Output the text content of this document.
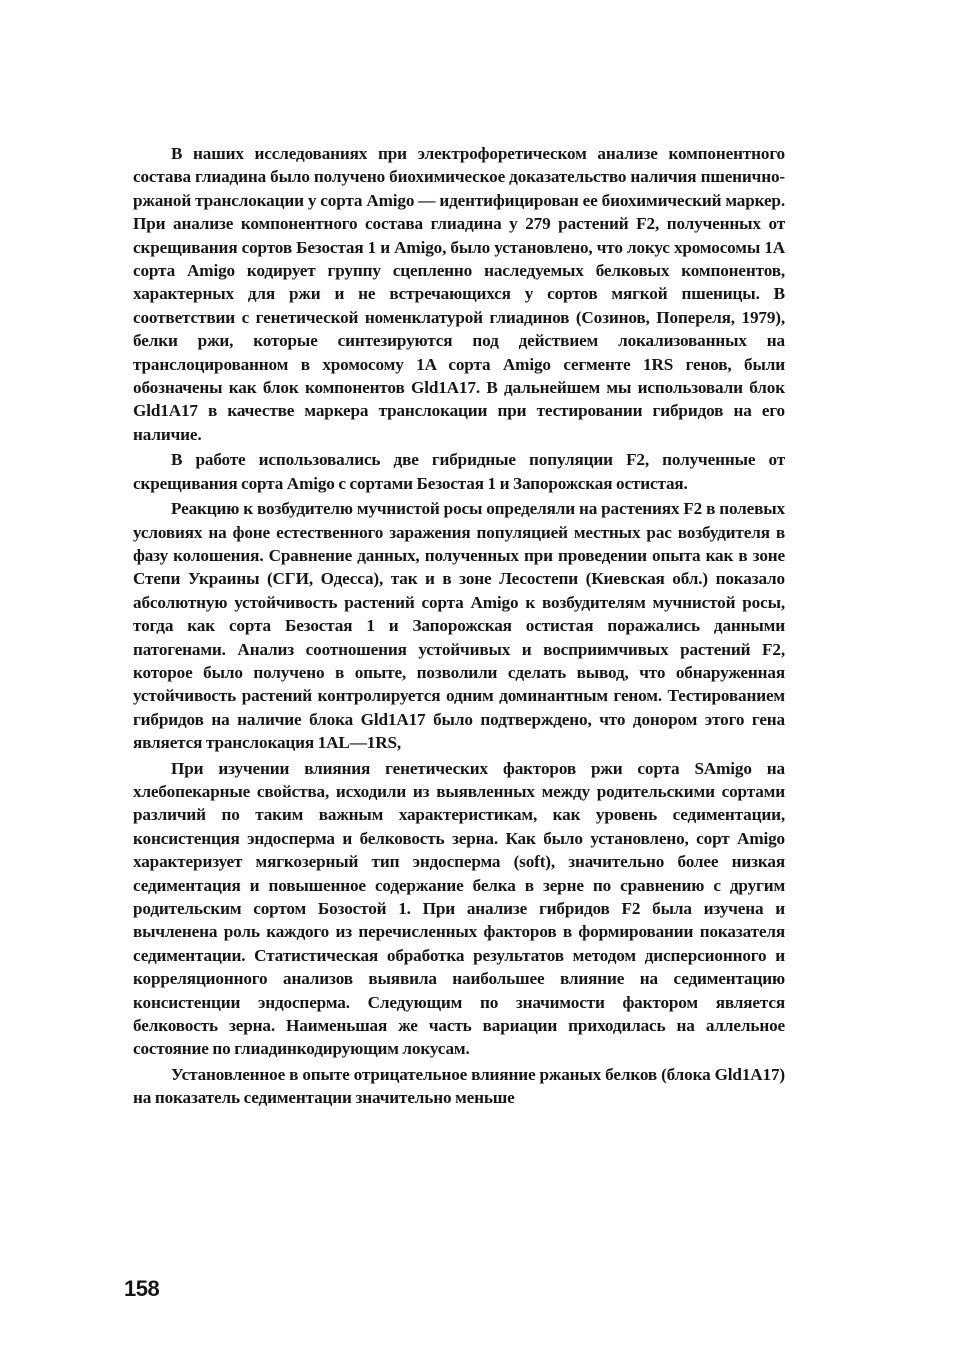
В наших исследованиях при электрофоретическом анализе компонентного состава глиадина было получено биохимическое доказательство наличия пшенично-ржаной транслокации у сорта Amigo — идентифицирован ее биохимический маркер. При анализе компонентного состава глиадина у 279 растений F2, полученных от скрещивания сортов Безостая 1 и Amigo, было установлено, что локус хромосомы 1A сорта Amigo кодирует группу сцепленно наследуемых белковых компонентов, характерных для ржи и не встречающихся у сортов мягкой пшеницы. В соответствии с генетической номенклатурой глиадинов (Созинов, Попереля, 1979), белки ржи, которые синтезируются под действием локализованных на транслоцированном в хромосому 1A сорта Amigo сегменте 1RS генов, были обозначены как блок компонентов Gld1A17. В дальнейшем мы использовали блок Gld1A17 в качестве маркера транслокации при тестировании гибридов на его наличие.

В работе использовались две гибридные популяции F2, полученные от скрещивания сорта Amigo с сортами Безостая 1 и Запорожская остистая.

Реакцию к возбудителю мучнистой росы определяли на растениях F2 в полевых условиях на фоне естественного заражения популяцией местных рас возбудителя в фазу колошения. Сравнение данных, полученных при проведении опыта как в зоне Степи Украины (СГИ, Одесса), так и в зоне Лесостепи (Киевская обл.) показало абсолютную устойчивость растений сорта Amigo к возбудителям мучнистой росы, тогда как сорта Безостая 1 и Запорожская остистая поражались данными патогенами. Анализ соотношения устойчивых и восприимчивых растений F2, которое было получено в опыте, позволили сделать вывод, что обнаруженная устойчивость растений контролируется одним доминантным геном. Тестированием гибридов на наличие блока Gld1A17 было подтверждено, что донором этого гена является транслокация 1AL—1RS,

При изучении влияния генетических факторов ржи сорта SAmigo на хлебопекарные свойства, исходили из выявленных между родительскими сортами различий по таким важным характеристикам, как уровень седиментации, консистенция эндосперма и белковость зерна. Как было установлено, сорт Amigo характеризует мягкозерный тип эндосперма (soft), значительно более низкая седиментация и повышенное содержание белка в зерне по сравнению с другим родительским сортом Бозостой 1. При анализе гибридов F2 была изучена и вычленена роль каждого из перечисленных факторов в формировании показателя седиментации. Статистическая обработка результатов методом дисперсионного и корреляционного анализов выявила наибольшее влияние на седиментацию консистенции эндосперма. Следующим по значимости фактором является белковость зерна. Наименьшая же часть вариации приходилась на аллельное состояние по глиадинкодирующим локусам.

Установленное в опыте отрицательное влияние ржаных белков (блока Gld1A17) на показатель седиментации значительно меньше

158
